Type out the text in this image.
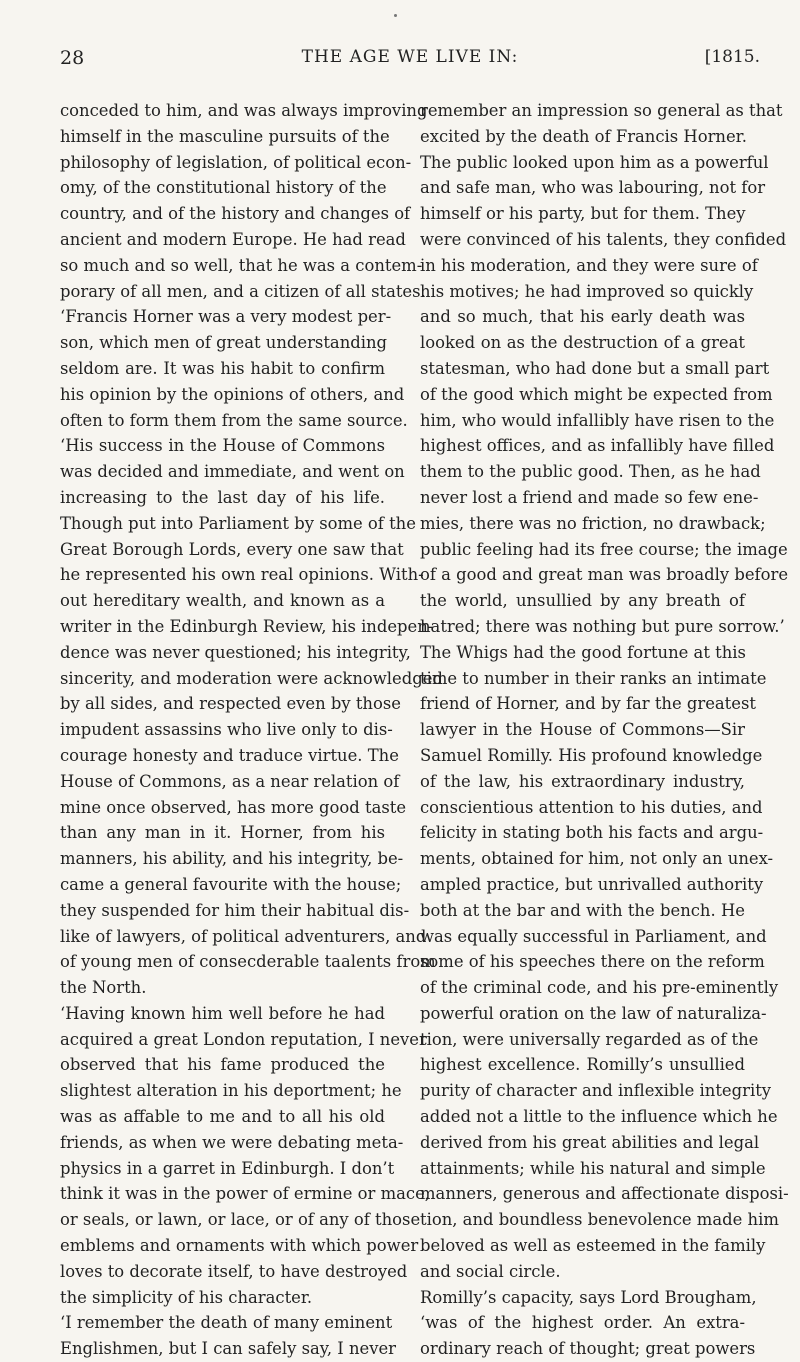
28	THE AGE WE LIVE IN:	[1815.
conceded to him, and was always improving
himself in the masculine pursuits of the
philosophy of legislation, of political econ-
omy, of the constitutional history of the
country, and of the history and changes of
ancient and modern Europe. He had read
so much and so well, that he was a contem-
porary of all men, and a citizen of all states.
‘Francis Horner was a very modest per-
son, which men of great understanding
seldom are. It was his habit to confirm
his opinion by the opinions of others, and
often to form them from the same source.
‘His success in the House of Commons
was decided and immediate, and went on
increasing to the last day of his life.
Though put into Parliament by some of the
Great Borough Lords, every one saw that
he represented his own real opinions. With-
out hereditary wealth, and known as a
writer in the Edinburgh Review, his indepen-
dence was never questioned; his integrity,
sincerity, and moderation were acknowledged
by all sides, and respected even by those
impudent assassins who live only to dis-
courage honesty and traduce virtue. The
House of Commons, as a near relation of
mine once observed, has more good taste
than any man in it. Horner, from his
manners, his ability, and his integrity, be-
came a general favourite with the house;
they suspended for him their habitual dis-
like of lawyers, of political adventurers, and
of young men of consecderable taalents from
the North.
‘Having known him well before he had
acquired a great London reputation, I never
observed that his fame produced the
slightest alteration in his deportment; he
was as affable to me and to all his old
friends, as when we were debating meta-
physics in a garret in Edinburgh. I don’t
think it was in the power of ermine or mace,
or seals, or lawn, or lace, or of any of those
emblems and ornaments with which power
loves to decorate itself, to have destroyed
the simplicity of his character.
‘I remember the death of many eminent
Englishmen, but I can safely say, I never
remember an impression so general as that
excited by the death of Francis Horner.
The public looked upon him as a powerful
and safe man, who was labouring, not for
himself or his party, but for them. They
were convinced of his talents, they confided
in his moderation, and they were sure of
his motives; he had improved so quickly
and so much, that his early death was
looked on as the destruction of a great
statesman, who had done but a small part
of the good which might be expected from
him, who would infallibly have risen to the
highest offices, and as infallibly have filled
them to the public good. Then, as he had
never lost a friend and made so few ene-
mies, there was no friction, no drawback;
public feeling had its free course; the image
of a good and great man was broadly before
the world, unsullied by any breath of
hatred; there was nothing but pure sorrow.’
The Whigs had the good fortune at this
time to number in their ranks an intimate
friend of Horner, and by far the greatest
lawyer in the House of Commons—Sir
Samuel Romilly. His profound knowledge
of the law, his extraordinary industry,
conscientious attention to his duties, and
felicity in stating both his facts and argu-
ments, obtained for him, not only an unex-
ampled practice, but unrivalled authority
both at the bar and with the bench. He
was equally successful in Parliament, and
some of his speeches there on the reform
of the criminal code, and his pre-eminently
powerful oration on the law of naturaliza-
tion, were universally regarded as of the
highest excellence. Romilly’s unsullied
purity of character and inflexible integrity
added not a little to the influence which he
derived from his great abilities and legal
attainments; while his natural and simple
manners, generous and affectionate disposi-
tion, and boundless benevolence made him
beloved as well as esteemed in the family
and social circle.
Romilly’s capacity, says Lord Brougham,
‘was of the highest order. An extra-
ordinary reach of thought; great powers
